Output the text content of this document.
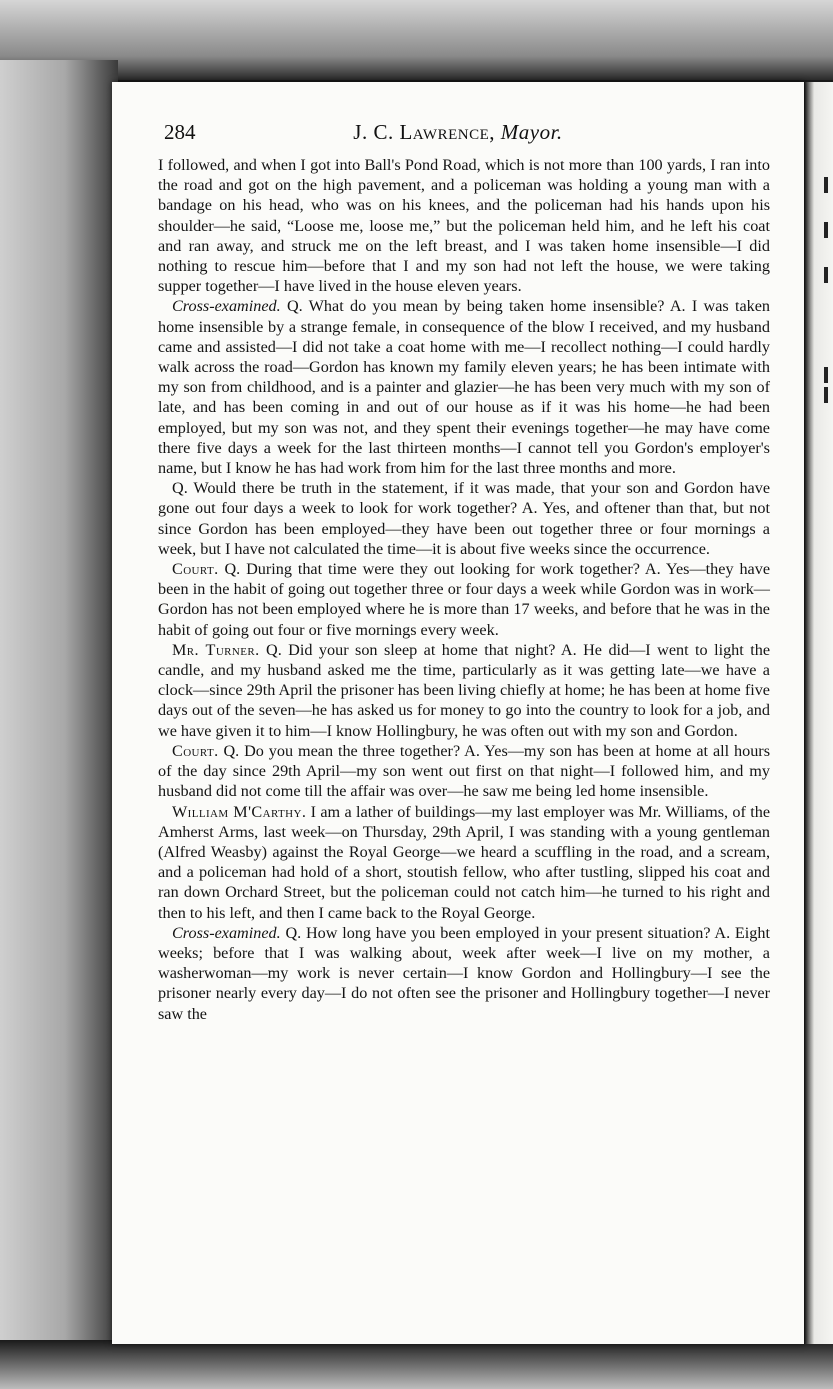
284	J. C. Lawrence, Mayor.

I followed, and when I got into Ball's Pond Road, which is not more than 100 yards, I ran into the road and got on the high pavement, and a policeman was holding a young man with a bandage on his head, who was on his knees, and the policeman had his hands upon his shoulder—he said, “Loose me, loose me,” but the policeman held him, and he left his coat and ran away, and struck me on the left breast, and I was taken home insensible—I did nothing to rescue him—before that I and my son had not left the house, we were taking supper together—I have lived in the house eleven years.

Cross-examined. Q. What do you mean by being taken home insensible? A. I was taken home insensible by a strange female, in consequence of the blow I received, and my husband came and assisted—I did not take a coat home with me—I recollect nothing—I could hardly walk across the road—Gordon has known my family eleven years; he has been intimate with my son from childhood, and is a painter and glazier—he has been very much with my son of late, and has been coming in and out of our house as if it was his home—he had been employed, but my son was not, and they spent their evenings together—he may have come there five days a week for the last thirteen months—I cannot tell you Gordon's employer's name, but I know he has had work from him for the last three months and more.

Q. Would there be truth in the statement, if it was made, that your son and Gordon have gone out four days a week to look for work together? A. Yes, and oftener than that, but not since Gordon has been employed—they have been out together three or four mornings a week, but I have not calculated the time—it is about five weeks since the occurrence.

Court. Q. During that time were they out looking for work together? A. Yes—they have been in the habit of going out together three or four days a week while Gordon was in work—Gordon has not been employed where he is more than 17 weeks, and before that he was in the habit of going out four or five mornings every week.

Mr. Turner. Q. Did your son sleep at home that night? A. He did—I went to light the candle, and my husband asked me the time, particularly as it was getting late—we have a clock—since 29th April the prisoner has been living chiefly at home; he has been at home five days out of the seven—he has asked us for money to go into the country to look for a job, and we have given it to him—I know Hollingbury, he was often out with my son and Gordon.

Court. Q. Do you mean the three together? A. Yes—my son has been at home at all hours of the day since 29th April—my son went out first on that night—I followed him, and my husband did not come till the affair was over—he saw me being led home insensible.

William M'Carthy. I am a lather of buildings—my last employer was Mr. Williams, of the Amherst Arms, last week—on Thursday, 29th April, I was standing with a young gentleman (Alfred Weasby) against the Royal George—we heard a scuffling in the road, and a scream, and a policeman had hold of a short, stoutish fellow, who after tustling, slipped his coat and ran down Orchard Street, but the policeman could not catch him—he turned to his right and then to his left, and then I came back to the Royal George.

Cross-examined. Q. How long have you been employed in your present situation? A. Eight weeks; before that I was walking about, week after week—I live on my mother, a washerwoman—my work is never certain—I know Gordon and Hollingbury—I see the prisoner nearly every day—I do not often see the prisoner and Hollingbury together—I never saw the
